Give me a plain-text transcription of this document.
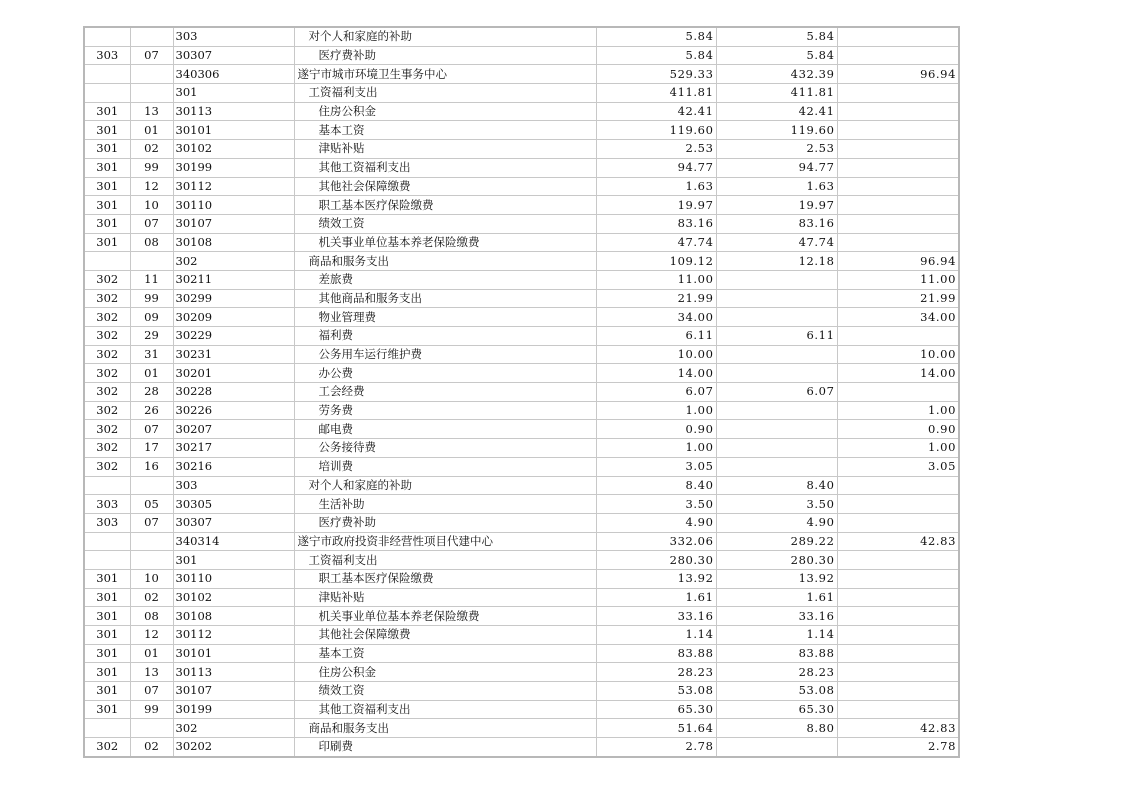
		303	对个人和家庭的补助	5.84	5.84	
303	07	30307	医疗费补助	5.84	5.84	
		340306	遂宁市城市环境卫生事务中心	529.33	432.39	96.94
		301	工资福利支出	411.81	411.81	
301	13	30113	住房公积金	42.41	42.41	
301	01	30101	基本工资	119.60	119.60	
301	02	30102	津贴补贴	2.53	2.53	
301	99	30199	其他工资福利支出	94.77	94.77	
301	12	30112	其他社会保障缴费	1.63	1.63	
301	10	30110	职工基本医疗保险缴费	19.97	19.97	
301	07	30107	绩效工资	83.16	83.16	
301	08	30108	机关事业单位基本养老保险缴费	47.74	47.74	
		302	商品和服务支出	109.12	12.18	96.94
302	11	30211	差旅费	11.00		11.00
302	99	30299	其他商品和服务支出	21.99		21.99
302	09	30209	物业管理费	34.00		34.00
302	29	30229	福利费	6.11	6.11	
302	31	30231	公务用车运行维护费	10.00		10.00
302	01	30201	办公费	14.00		14.00
302	28	30228	工会经费	6.07	6.07	
302	26	30226	劳务费	1.00		1.00
302	07	30207	邮电费	0.90		0.90
302	17	30217	公务接待费	1.00		1.00
302	16	30216	培训费	3.05		3.05
		303	对个人和家庭的补助	8.40	8.40	
303	05	30305	生活补助	3.50	3.50	
303	07	30307	医疗费补助	4.90	4.90	
		340314	遂宁市政府投资非经营性项目代建中心	332.06	289.22	42.83
		301	工资福利支出	280.30	280.30	
301	10	30110	职工基本医疗保险缴费	13.92	13.92	
301	02	30102	津贴补贴	1.61	1.61	
301	08	30108	机关事业单位基本养老保险缴费	33.16	33.16	
301	12	30112	其他社会保障缴费	1.14	1.14	
301	01	30101	基本工资	83.88	83.88	
301	13	30113	住房公积金	28.23	28.23	
301	07	30107	绩效工资	53.08	53.08	
301	99	30199	其他工资福利支出	65.30	65.30	
		302	商品和服务支出	51.64	8.80	42.83
302	02	30202	印刷费	2.78		2.78
